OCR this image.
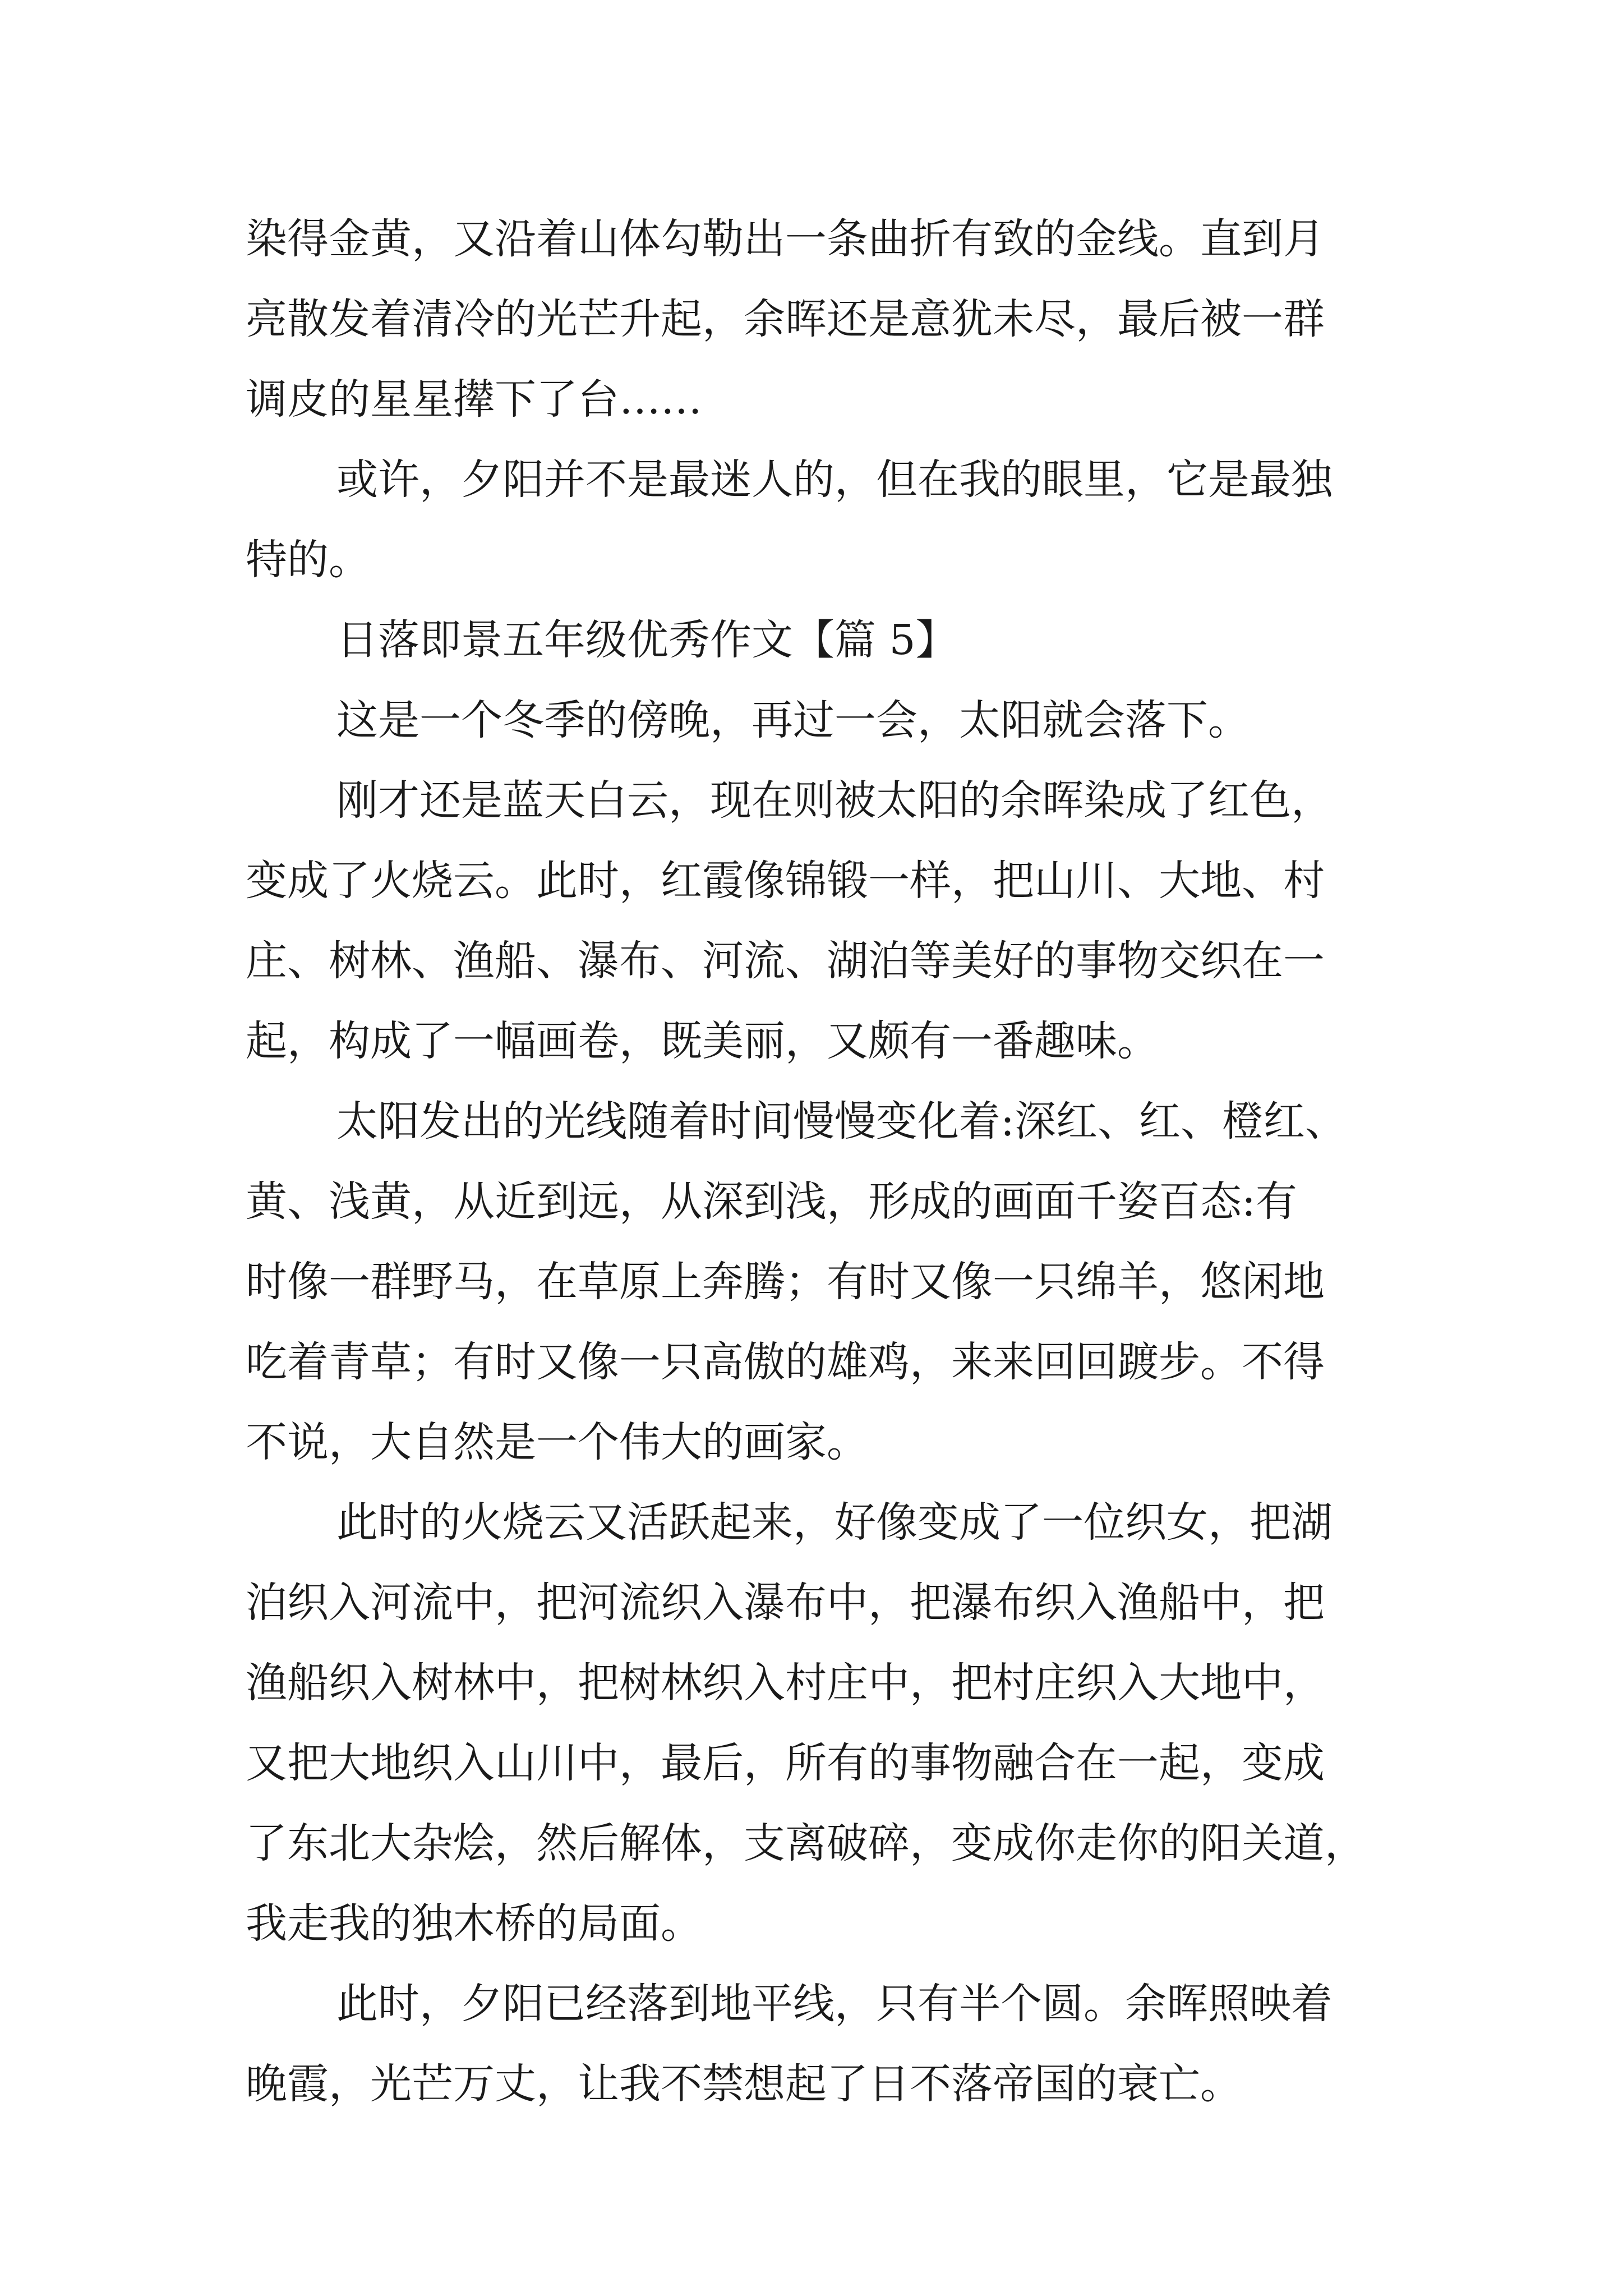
染得金黄，又沿着山体勾勒出一条曲折有致的金线。直到月
亮散发着清冷的光芒升起，余晖还是意犹未尽，最后被一群
调皮的星星撵下了台……
或许，夕阳并不是最迷人的，但在我的眼里，它是最独
特的。
日落即景五年级优秀作文【篇 5】
这是一个冬季的傍晚，再过一会，太阳就会落下。
刚才还是蓝天白云，现在则被太阳的余晖染成了红色，
变成了火烧云。此时，红霞像锦锻一样，把山川、大地、村
庄、树林、渔船、瀑布、河流、湖泊等美好的事物交织在一
起，构成了一幅画卷，既美丽，又颇有一番趣味。
太阳发出的光线随着时间慢慢变化着:深红、红、橙红、
黄、浅黄，从近到远，从深到浅，形成的画面千姿百态:有
时像一群野马，在草原上奔腾；有时又像一只绵羊，悠闲地
吃着青草；有时又像一只高傲的雄鸡，来来回回踱步。不得
不说，大自然是一个伟大的画家。
此时的火烧云又活跃起来，好像变成了一位织女，把湖
泊织入河流中，把河流织入瀑布中，把瀑布织入渔船中，把
渔船织入树林中，把树林织入村庄中，把村庄织入大地中，
又把大地织入山川中，最后，所有的事物融合在一起，变成
了东北大杂烩，然后解体，支离破碎，变成你走你的阳关道，
我走我的独木桥的局面。
此时，夕阳已经落到地平线，只有半个圆。余晖照映着
晚霞，光芒万丈，让我不禁想起了日不落帝国的衰亡。
